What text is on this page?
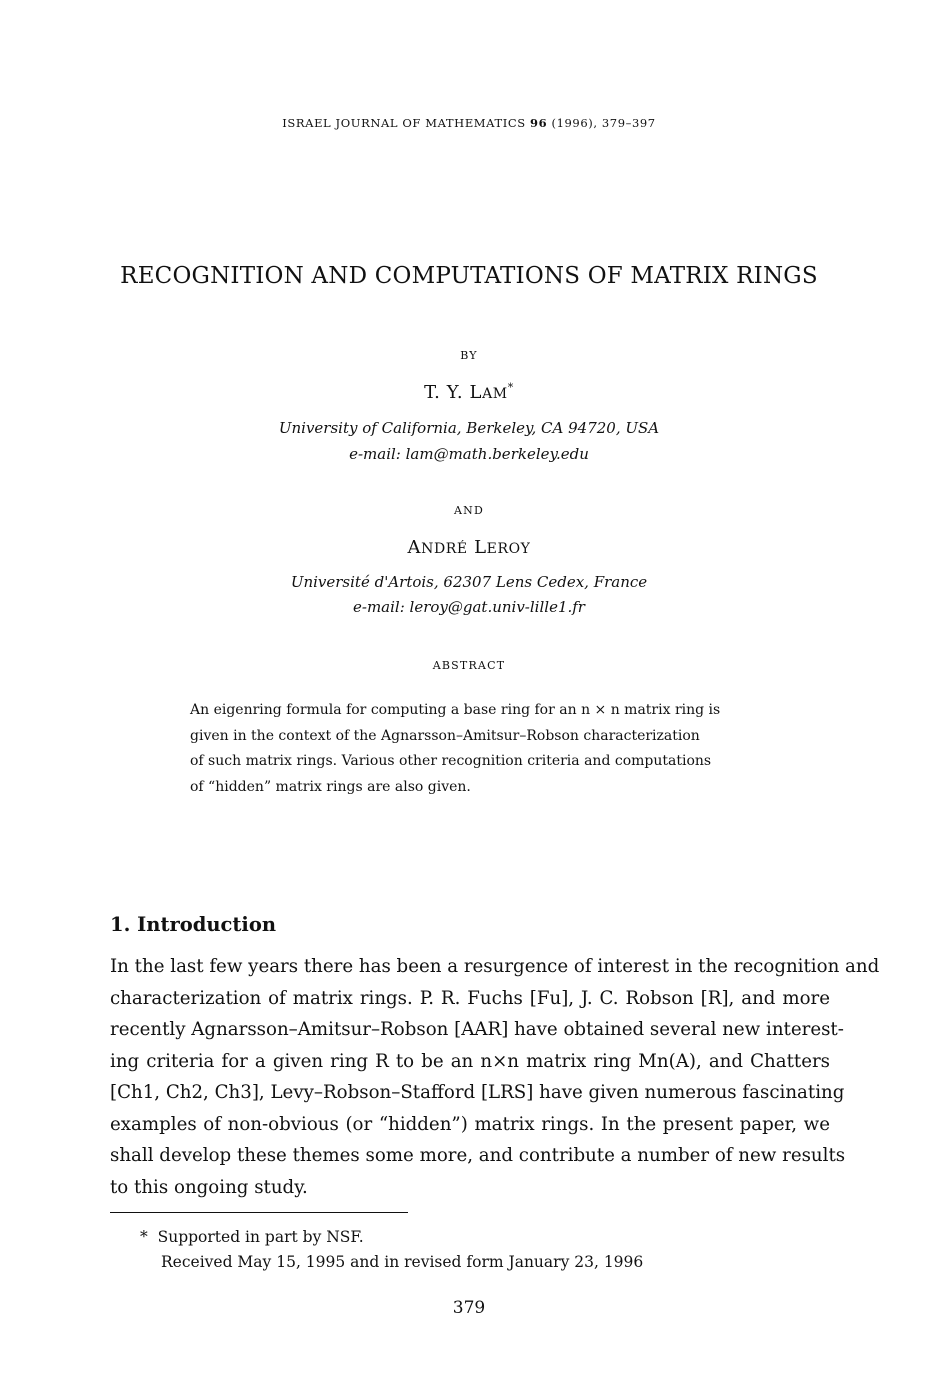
ISRAEL JOURNAL OF MATHEMATICS 96 (1996), 379–397
RECOGNITION AND COMPUTATIONS OF MATRIX RINGS
BY
T. Y. LAM*
University of California, Berkeley, CA 94720, USA
e-mail: lam@math.berkeley.edu
AND
ANDRÉ LEROY
Université d'Artois, 62307 Lens Cedex, France
e-mail: leroy@gat.univ-lille1.fr
ABSTRACT
An eigenring formula for computing a base ring for an n × n matrix ring is
given in the context of the Agnarsson–Amitsur–Robson characterization
of such matrix rings. Various other recognition criteria and computations
of “hidden” matrix rings are also given.
1. Introduction
In the last few years there has been a resurgence of interest in the recognition and
characterization of matrix rings. P. R. Fuchs [Fu], J. C. Robson [R], and more
recently Agnarsson–Amitsur–Robson [AAR] have obtained several new interest-
ing criteria for a given ring R to be an n×n matrix ring Mn(A), and Chatters
[Ch1, Ch2, Ch3], Levy–Robson–Stafford [LRS] have given numerous fascinating
examples of non-obvious (or “hidden”) matrix rings. In the present paper, we
shall develop these themes some more, and contribute a number of new results
to this ongoing study.
* Supported in part by NSF.
Received May 15, 1995 and in revised form January 23, 1996
379
